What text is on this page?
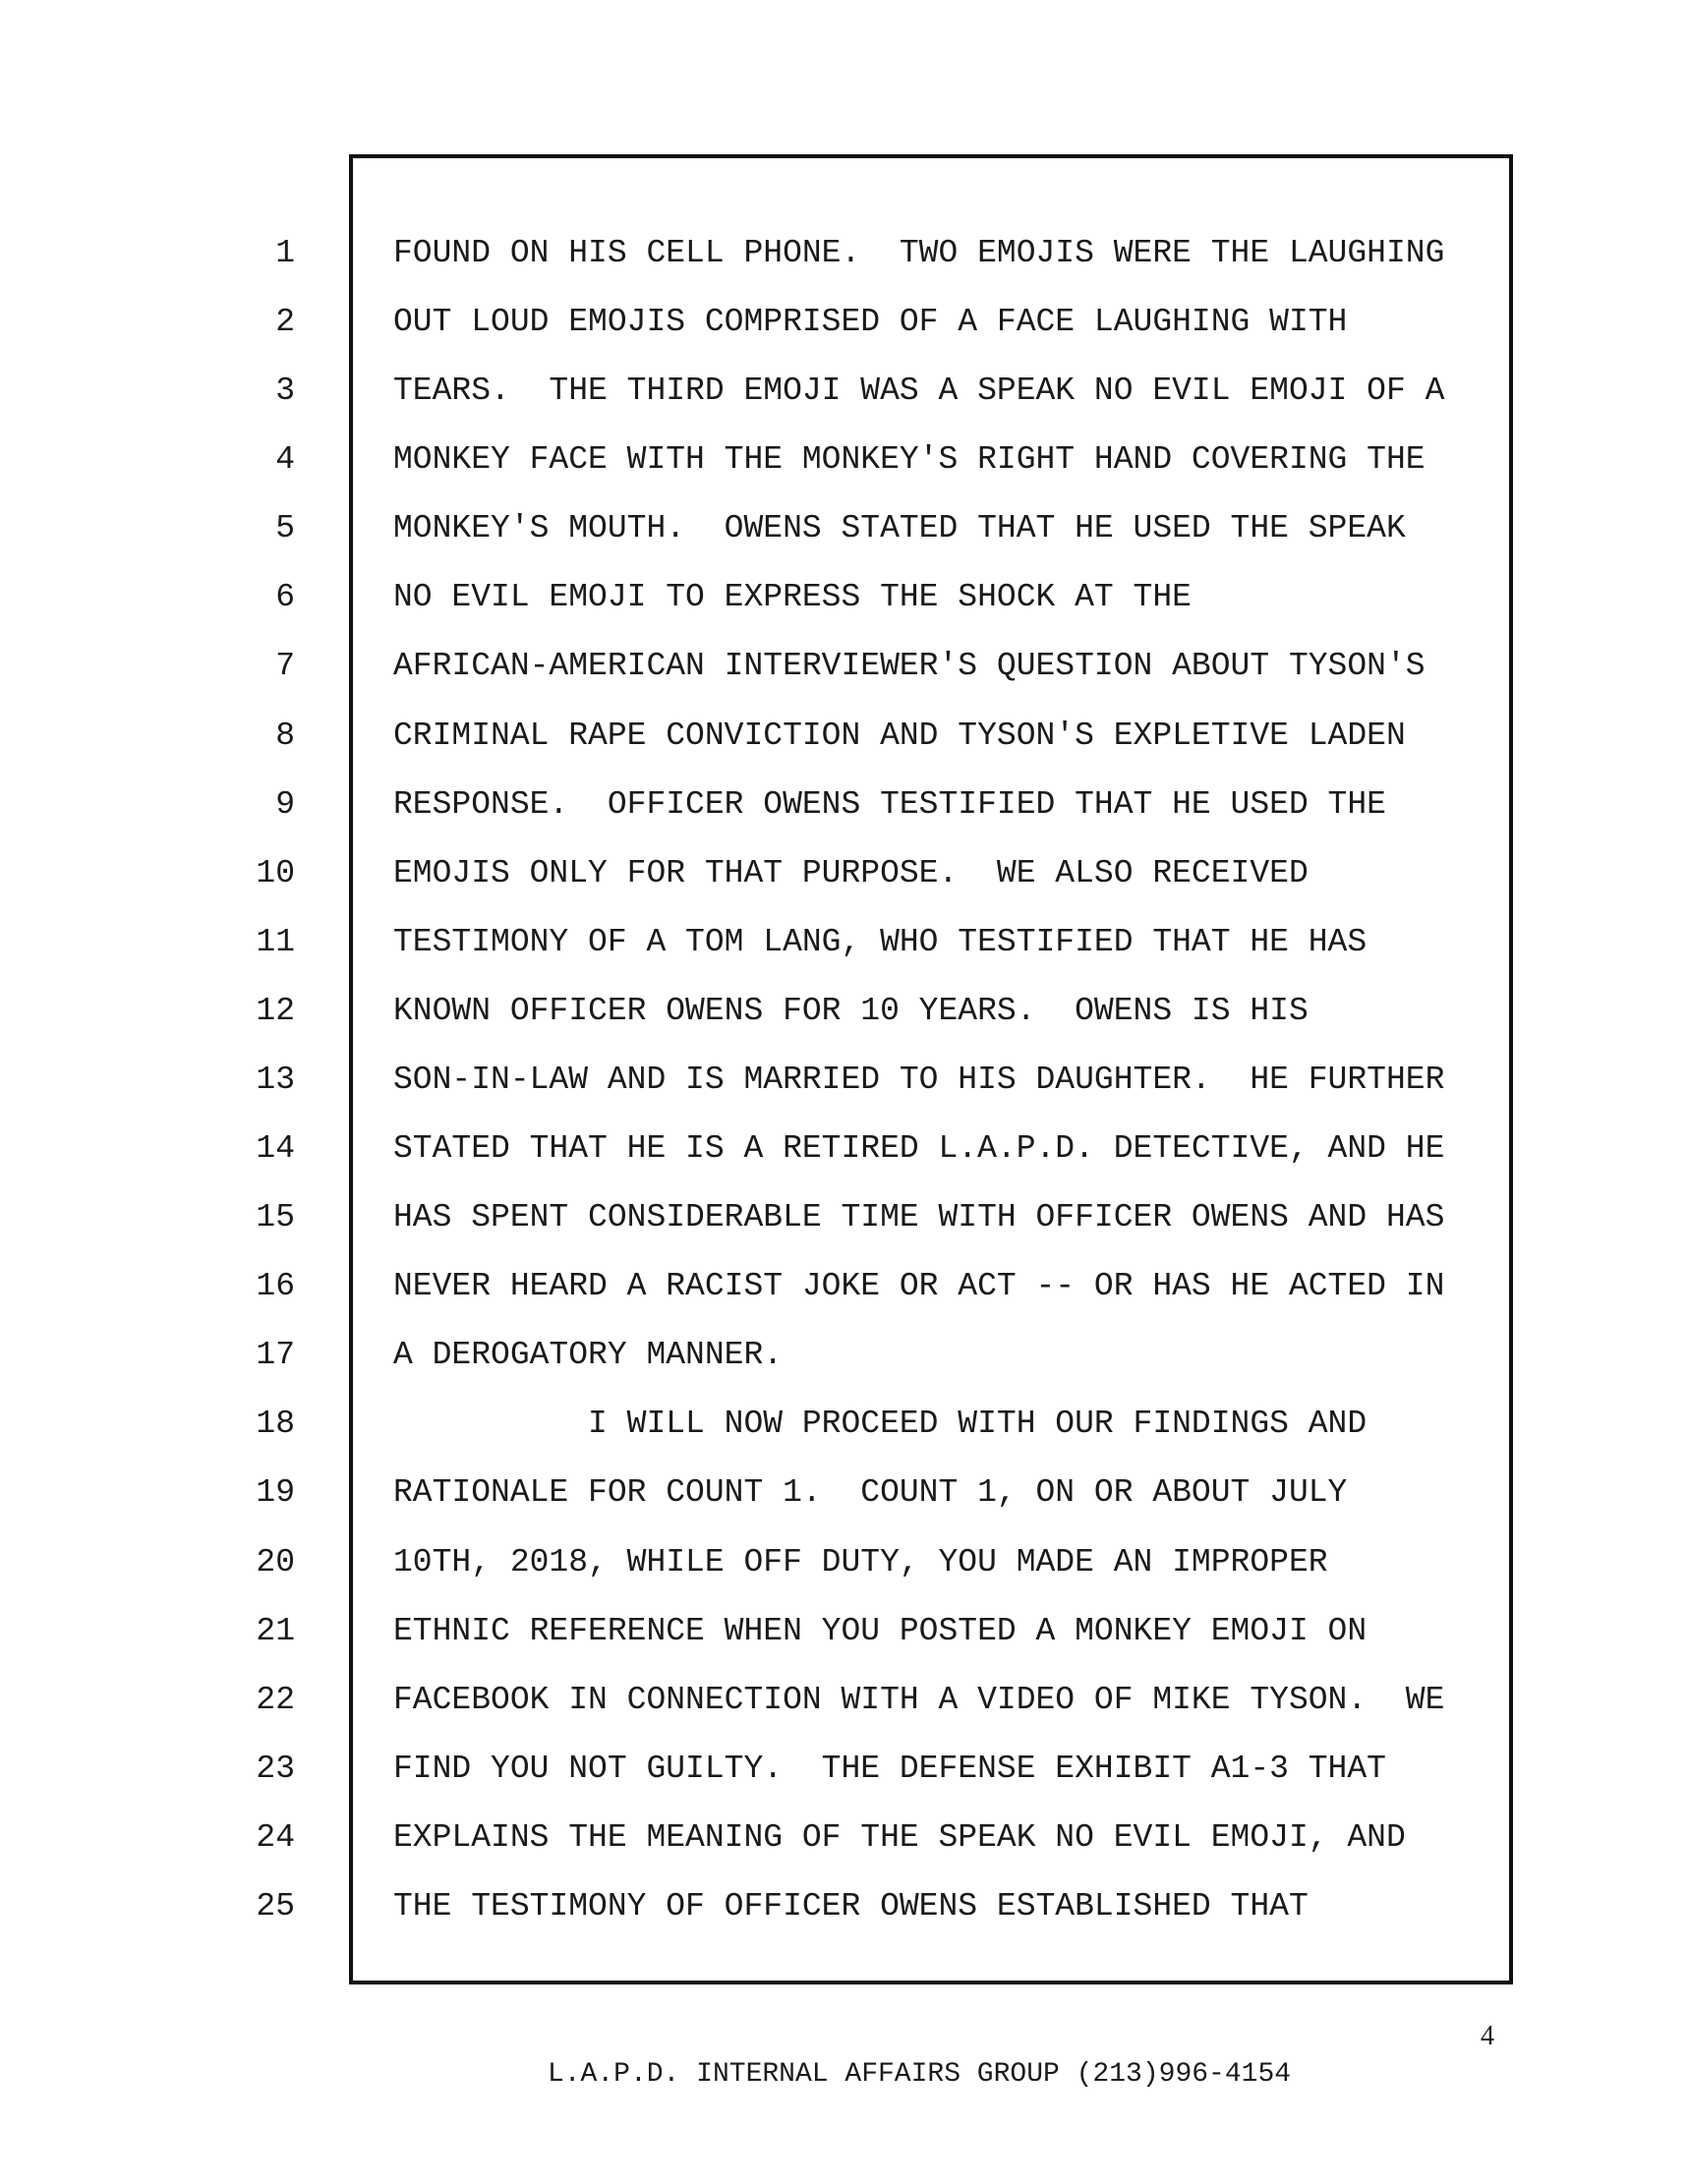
1
2
3
4
5
6
7
8
9
10
11
12
13
14
15
16
17
18
19
20
21
22
23
24
25
FOUND ON HIS CELL PHONE.  TWO EMOJIS WERE THE LAUGHING
OUT LOUD EMOJIS COMPRISED OF A FACE LAUGHING WITH
TEARS.  THE THIRD EMOJI WAS A SPEAK NO EVIL EMOJI OF A
MONKEY FACE WITH THE MONKEY'S RIGHT HAND COVERING THE
MONKEY'S MOUTH.  OWENS STATED THAT HE USED THE SPEAK
NO EVIL EMOJI TO EXPRESS THE SHOCK AT THE
AFRICAN-AMERICAN INTERVIEWER'S QUESTION ABOUT TYSON'S
CRIMINAL RAPE CONVICTION AND TYSON'S EXPLETIVE LADEN
RESPONSE.  OFFICER OWENS TESTIFIED THAT HE USED THE
EMOJIS ONLY FOR THAT PURPOSE.  WE ALSO RECEIVED
TESTIMONY OF A TOM LANG, WHO TESTIFIED THAT HE HAS
KNOWN OFFICER OWENS FOR 10 YEARS.  OWENS IS HIS
SON-IN-LAW AND IS MARRIED TO HIS DAUGHTER.  HE FURTHER
STATED THAT HE IS A RETIRED L.A.P.D. DETECTIVE, AND HE
HAS SPENT CONSIDERABLE TIME WITH OFFICER OWENS AND HAS
NEVER HEARD A RACIST JOKE OR ACT -- OR HAS HE ACTED IN
A DEROGATORY MANNER.
I WILL NOW PROCEED WITH OUR FINDINGS AND
RATIONALE FOR COUNT 1.  COUNT 1, ON OR ABOUT JULY
10TH, 2018, WHILE OFF DUTY, YOU MADE AN IMPROPER
ETHNIC REFERENCE WHEN YOU POSTED A MONKEY EMOJI ON
FACEBOOK IN CONNECTION WITH A VIDEO OF MIKE TYSON.  WE
FIND YOU NOT GUILTY.  THE DEFENSE EXHIBIT A1-3 THAT
EXPLAINS THE MEANING OF THE SPEAK NO EVIL EMOJI, AND
THE TESTIMONY OF OFFICER OWENS ESTABLISHED THAT
4
L.A.P.D. INTERNAL AFFAIRS GROUP (213)996-4154
